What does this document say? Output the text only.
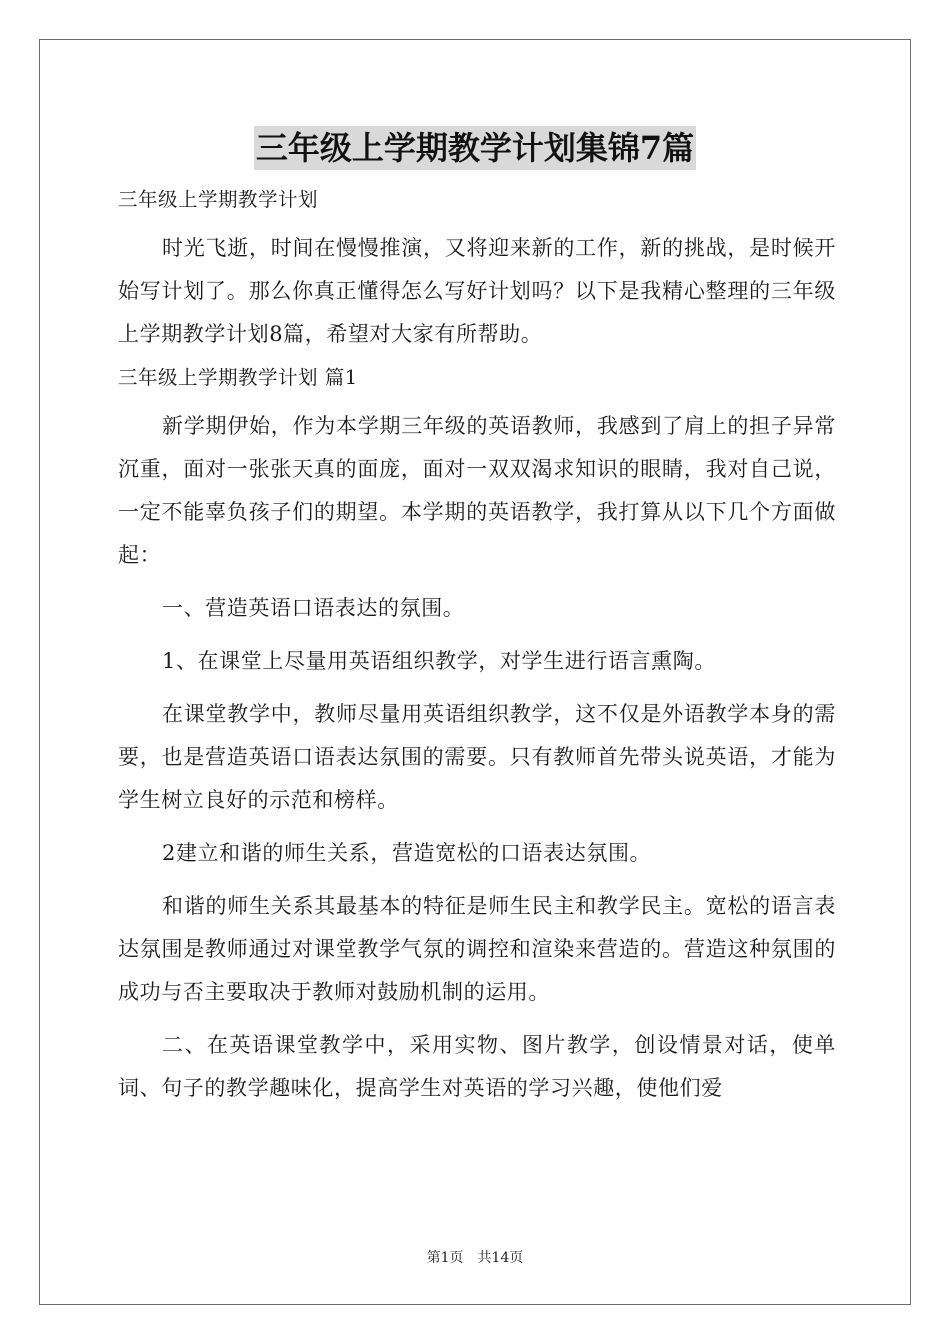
三年级上学期教学计划集锦7篇

三年级上学期教学计划

时光飞逝，时间在慢慢推演，又将迎来新的工作，新的挑战，是时候开始写计划了。那么你真正懂得怎么写好计划吗？以下是我精心整理的三年级上学期教学计划8篇，希望对大家有所帮助。

三年级上学期教学计划 篇1

新学期伊始，作为本学期三年级的英语教师，我感到了肩上的担子异常沉重，面对一张张天真的面庞，面对一双双渴求知识的眼睛，我对自己说，一定不能辜负孩子们的期望。本学期的英语教学，我打算从以下几个方面做起：

一、营造英语口语表达的氛围。

1、在课堂上尽量用英语组织教学，对学生进行语言熏陶。

在课堂教学中，教师尽量用英语组织教学，这不仅是外语教学本身的需要，也是营造英语口语表达氛围的需要。只有教师首先带头说英语，才能为学生树立良好的示范和榜样。

2建立和谐的师生关系，营造宽松的口语表达氛围。

和谐的师生关系其最基本的特征是师生民主和教学民主。宽松的语言表达氛围是教师通过对课堂教学气氛的调控和渲染来营造的。营造这种氛围的成功与否主要取决于教师对鼓励机制的运用。

二、在英语课堂教学中，采用实物、图片教学，创设情景对话，使单词、句子的教学趣味化，提高学生对英语的学习兴趣，使他们爱

第1页 共14页
